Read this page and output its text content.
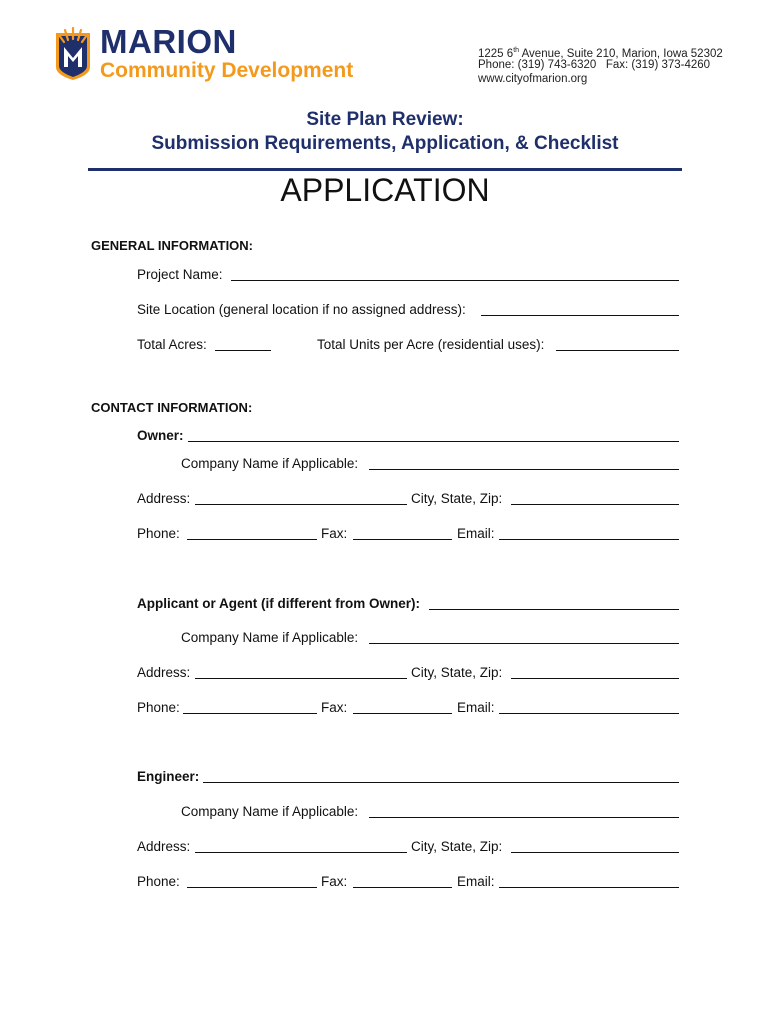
MARION
Community Development
1225 6th Avenue, Suite 210, Marion, Iowa 52302
Phone: (319) 743-6320   Fax: (319) 373-4260
www.cityofmarion.org
Site Plan Review:
Submission Requirements, Application, & Checklist
APPLICATION
GENERAL INFORMATION:
Project Name:
Site Location (general location if no assigned address):
Total Acres:	Total Units per Acre (residential uses):
CONTACT INFORMATION:
Owner:
Company Name if Applicable:
Address:	City, State, Zip:
Phone:	Fax:	Email:
Applicant or Agent (if different from Owner):
Company Name if Applicable:
Address:	City, State, Zip:
Phone:	Fax:	Email:
Engineer:
Company Name if Applicable:
Address:	City, State, Zip:
Phone:	Fax:	Email:
